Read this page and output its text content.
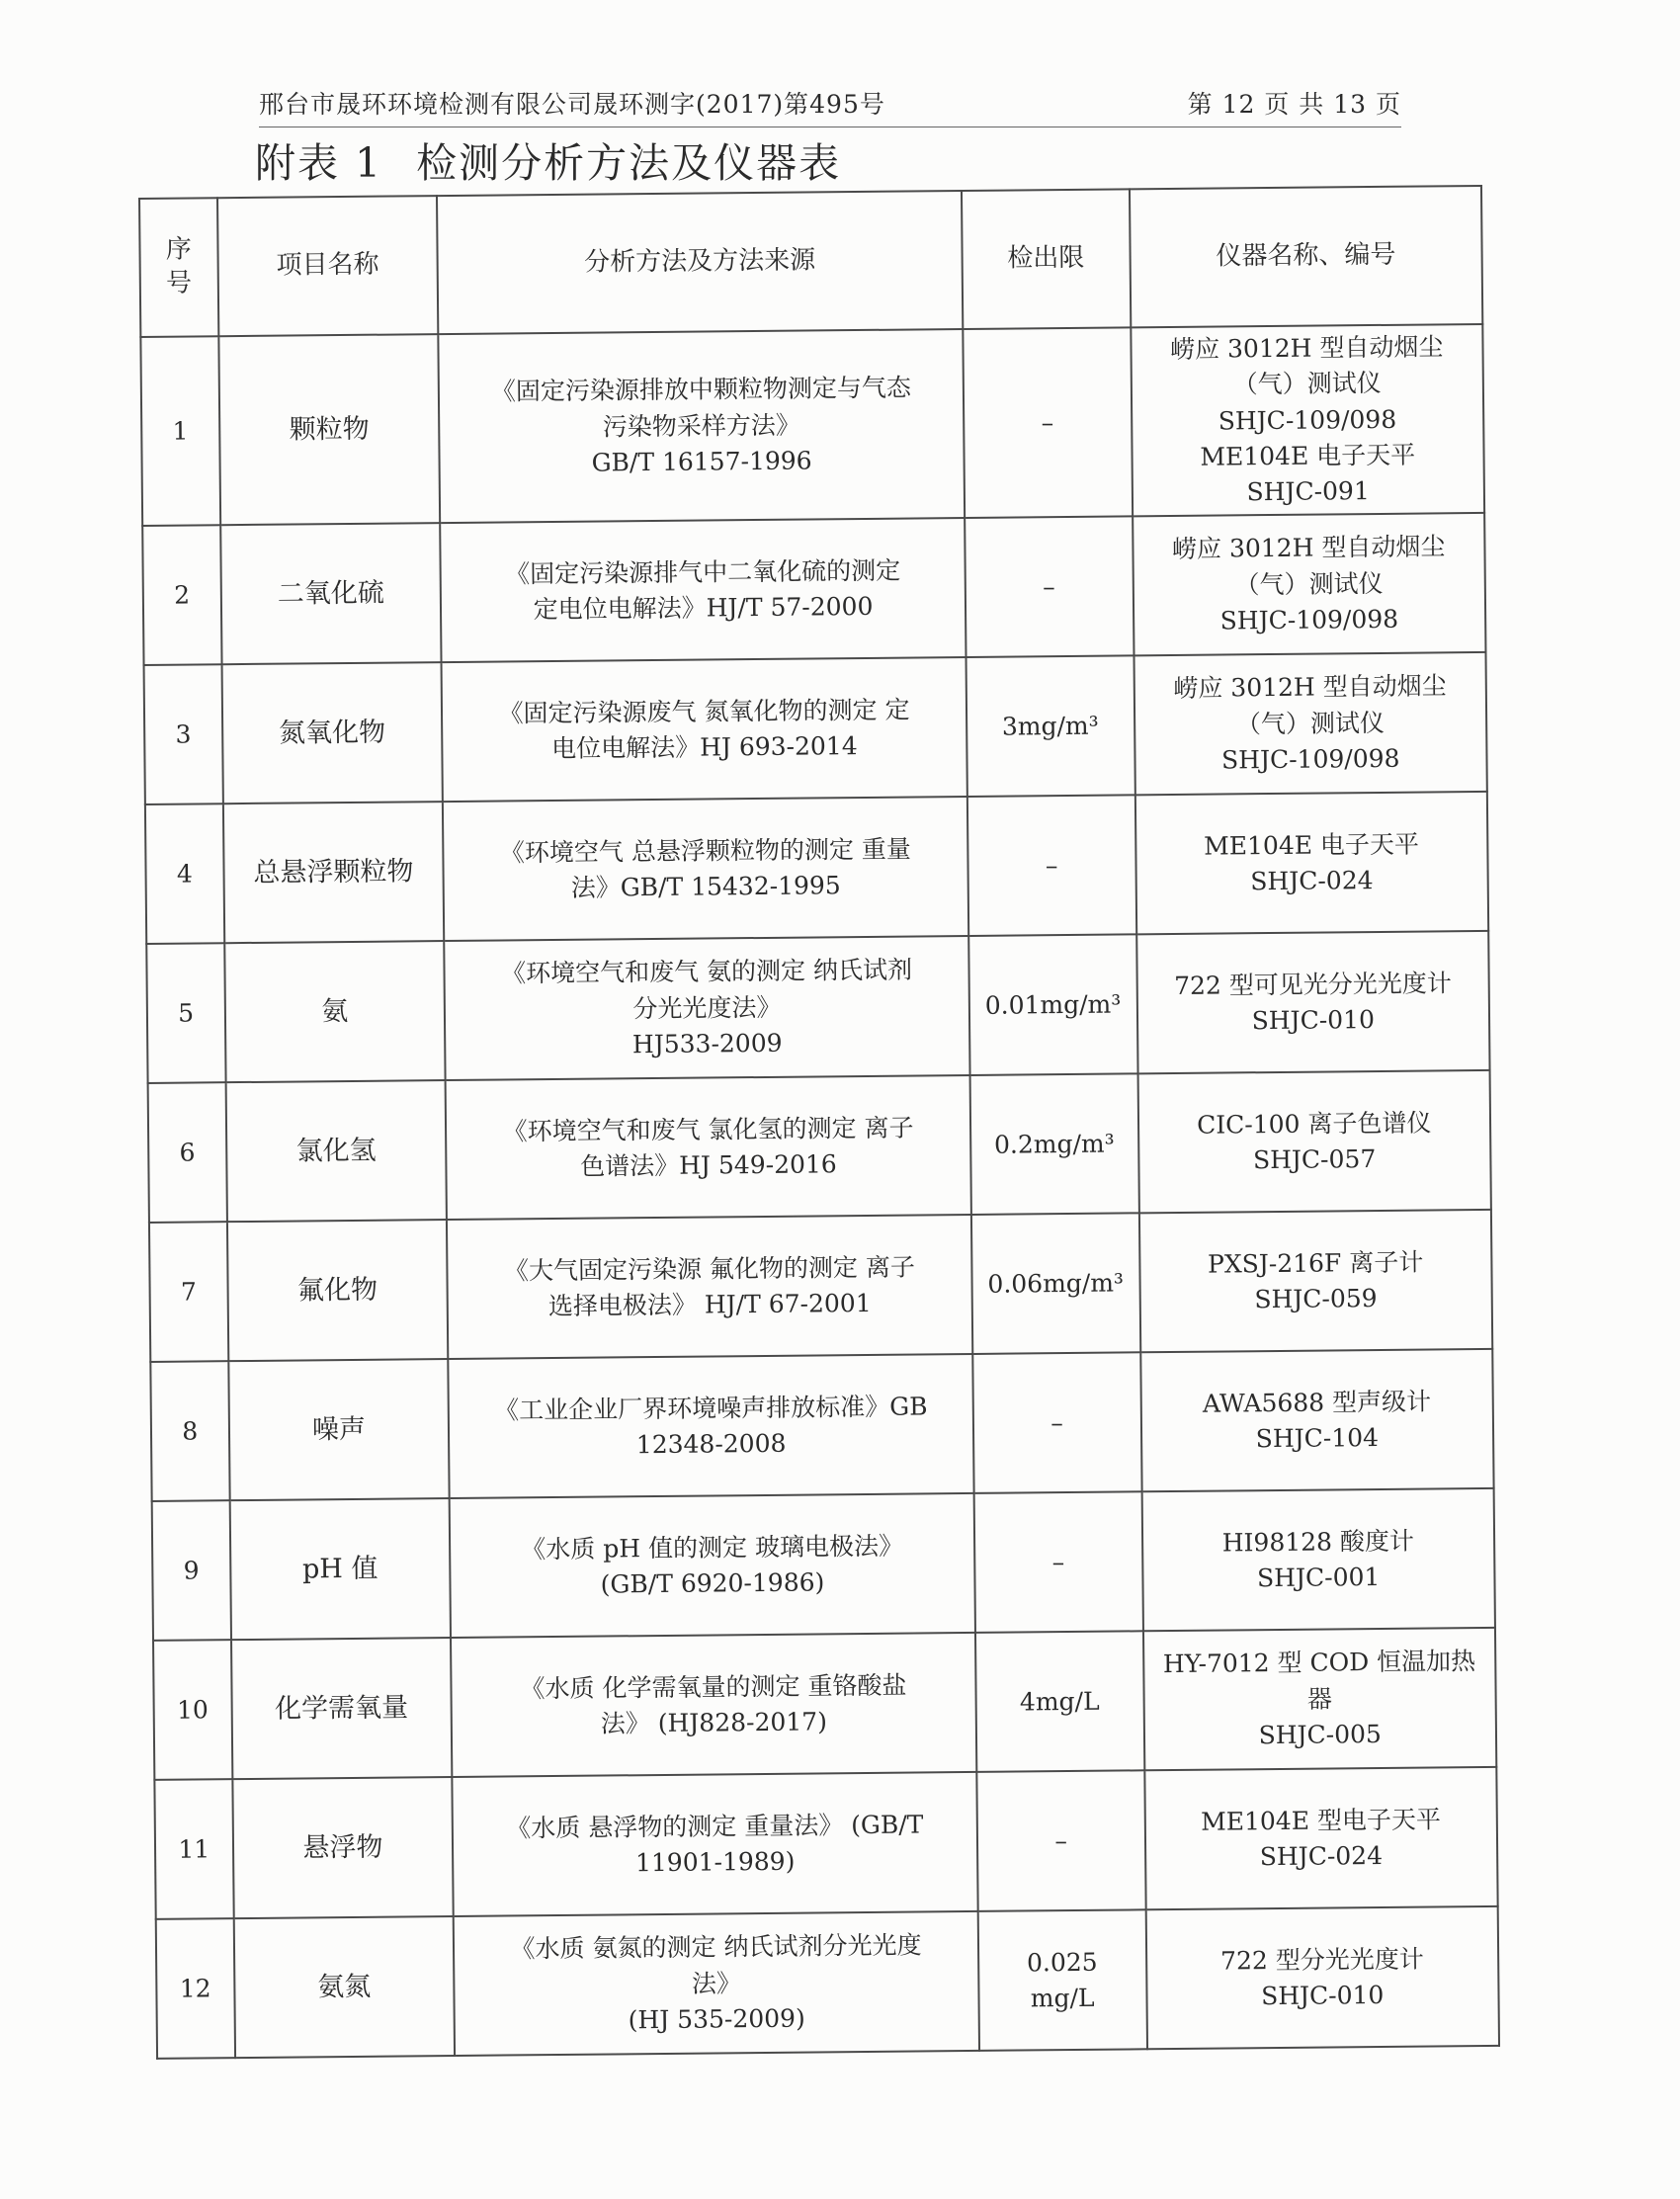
邢台市晟环环境检测有限公司晟环测字(2017)第495号	第 12 页 共 13 页
附表 1 检测分析方法及仪器表
序
号	项目名称	分析方法及方法来源	检出限	仪器名称、编号
1	颗粒物	《固定污染源排放中颗粒物测定与气态
污染物采样方法》
GB/T 16157-1996	–	崂应 3012H 型自动烟尘
（气）测试仪
SHJC-109/098
ME104E 电子天平
SHJC-091

2	二氧化硫	《固定污染源排气中二氧化硫的测定
定电位电解法》HJ/T 57-2000	–	崂应 3012H 型自动烟尘
（气）测试仪
SHJC-109/098

3	氮氧化物	《固定污染源废气 氮氧化物的测定 定
电位电解法》HJ 693-2014	3mg/m³	崂应 3012H 型自动烟尘
（气）测试仪
SHJC-109/098

4	总悬浮颗粒物	《环境空气 总悬浮颗粒物的测定 重量
法》GB/T 15432-1995	–	ME104E 电子天平
SHJC-024

5	氨	《环境空气和废气 氨的测定 纳氏试剂
分光光度法》
HJ533-2009	0.01mg/m³	722 型可见光分光光度计
SHJC-010

6	氯化氢	《环境空气和废气 氯化氢的测定 离子
色谱法》HJ 549-2016	0.2mg/m³	CIC-100 离子色谱仪
SHJC-057

7	氟化物	《大气固定污染源 氟化物的测定 离子
选择电极法》 HJ/T 67-2001	0.06mg/m³	PXSJ-216F 离子计
SHJC-059

8	噪声	《工业企业厂界环境噪声排放标准》GB
12348-2008	–	AWA5688 型声级计
SHJC-104

9	pH 值	《水质 pH 值的测定 玻璃电极法》
(GB/T 6920-1986)	–	HI98128 酸度计
SHJC-001

10	化学需氧量	《水质 化学需氧量的测定 重铬酸盐
法》 (HJ828-2017)	4mg/L	HY-7012 型 COD 恒温加热
器
SHJC-005

11	悬浮物	《水质 悬浮物的测定 重量法》 (GB/T
11901-1989)	–	ME104E 型电子天平
SHJC-024

12	氨氮	《水质 氨氮的测定 纳氏试剂分光光度
法》
(HJ 535-2009)	0.025
mg/L	722 型分光光度计
SHJC-010
